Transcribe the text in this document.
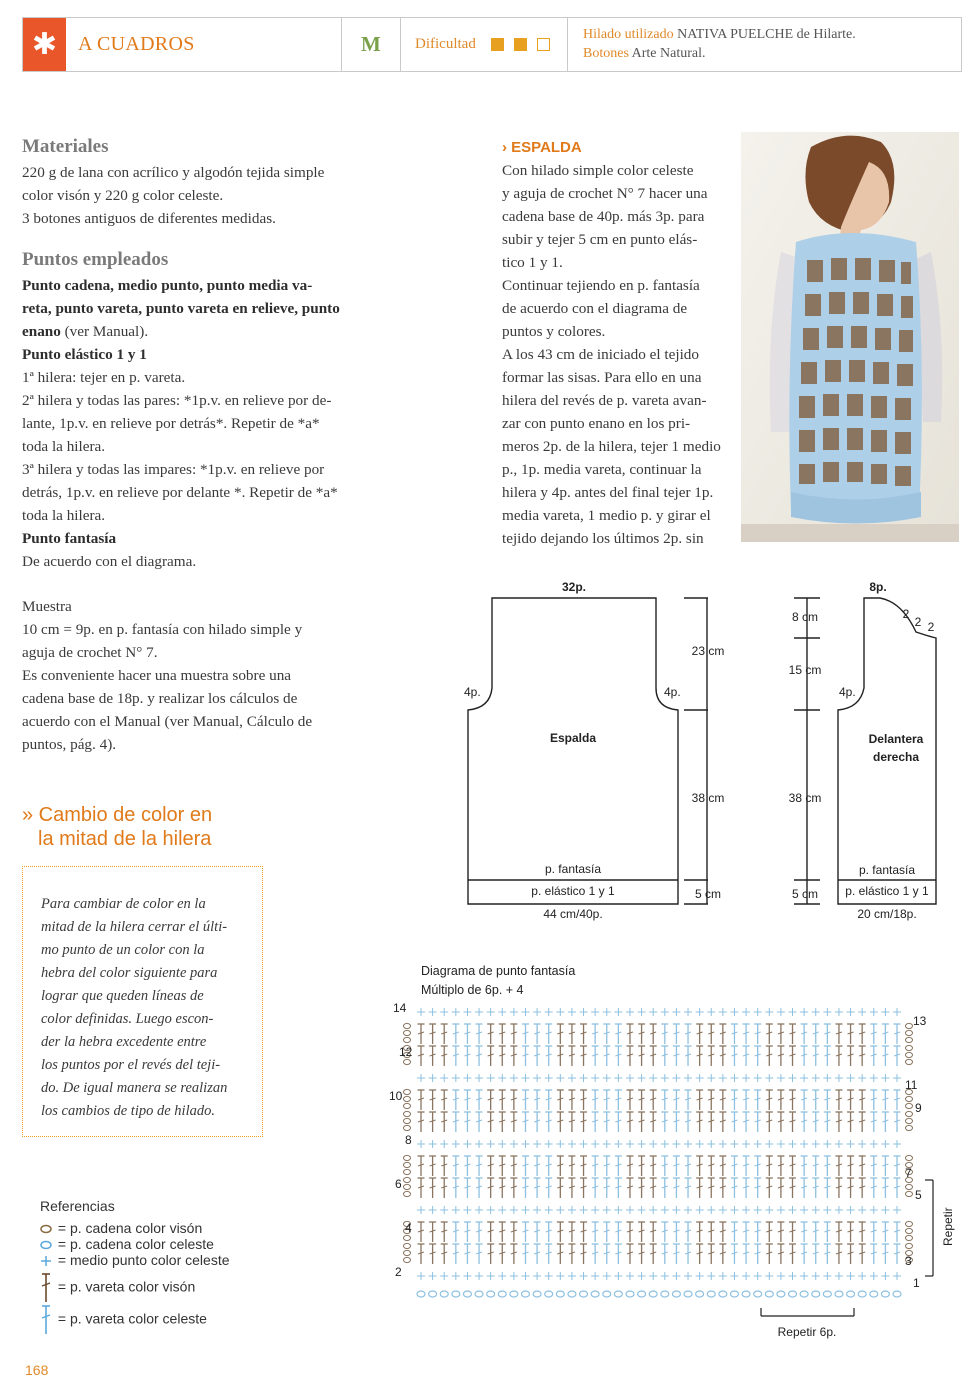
✱	A CUADROS	M Dificultad
Hilado utilizado NATIVA PUELCHE de Hilarte.
Botones Arte Natural.
Materiales

220 g de lana con acrílico y algodón tejida simple

color visón y 220 g color celeste.

3 botones antiguos de diferentes medidas.

Puntos empleados

Punto cadena, medio punto, punto media va-

reta, punto vareta, punto vareta en relieve, punto

enano (ver Manual).

Punto elástico 1 y 1

1ª hilera: tejer en p. vareta.

2ª hilera y todas las pares: *1p.v. en relieve por de-

lante, 1p.v. en relieve por detrás*. Repetir de *a*

toda la hilera.

3ª hilera y todas las impares: *1p.v. en relieve por

detrás, 1p.v. en relieve por delante *. Repetir de *a*

toda la hilera.

Punto fantasía

De acuerdo con el diagrama.

Muestra

10 cm = 9p. en p. fantasía con hilado simple y

aguja de crochet N° 7.

Es conveniente hacer una muestra sobre una

cadena base de 18p. y realizar los cálculos de

acuerdo con el Manual (ver Manual, Cálculo de

puntos, pág. 4).

» Cambio de color en
la mitad de la hilera

Para cambiar de color en la

mitad de la hilera cerrar el últi-

mo punto de un color con la

hebra del color siguiente para

lograr que queden líneas de

color definidas. Luego escon-

der la hebra excedente entre

los puntos por el revés del teji-

do. De igual manera se realizan

los cambios de tipo de hilado.

› ESPALDA

Con hilado simple color celeste

y aguja de crochet N° 7 hacer una

cadena base de 40p. más 3p. para

subir y tejer 5 cm en punto elás-

tico 1 y 1.

Continuar tejiendo en p. fantasía

de acuerdo con el diagrama de

puntos y colores.

A los 43 cm de iniciado el tejido

formar las sisas. Para ello en una

hilera del revés de p. vareta avan-

zar con punto enano en los pri-

meros 2p. de la hilera, tejer 1 medio

p., 1p. media vareta, continuar la

hilera y 4p. antes del final tejer 1p.

media vareta, 1 medio p. y girar el

tejido dejando los últimos 2p. sin

32p.
4p.	4p.
Espalda
23 cm
38 cm
5 cm
p. fantasía
p. elástico 1 y 1
44 cm/40p.
8p.
2
2 2
4p.
Delantera
derecha
8 cm
15 cm
38 cm
5 cm
p. fantasía
p. elástico 1 y 1
20 cm/18p.
Diagrama de punto fantasía
Múltiplo de 6p. + 4
14
12
10
8
6
4
2
13
11
9
7
5
3
1
Repetir
Repetir 6p.
Referencias
= p. cadena color visón
= p. cadena color celeste
= medio punto color celeste
= p. vareta color visón
= p. vareta color celeste
168
